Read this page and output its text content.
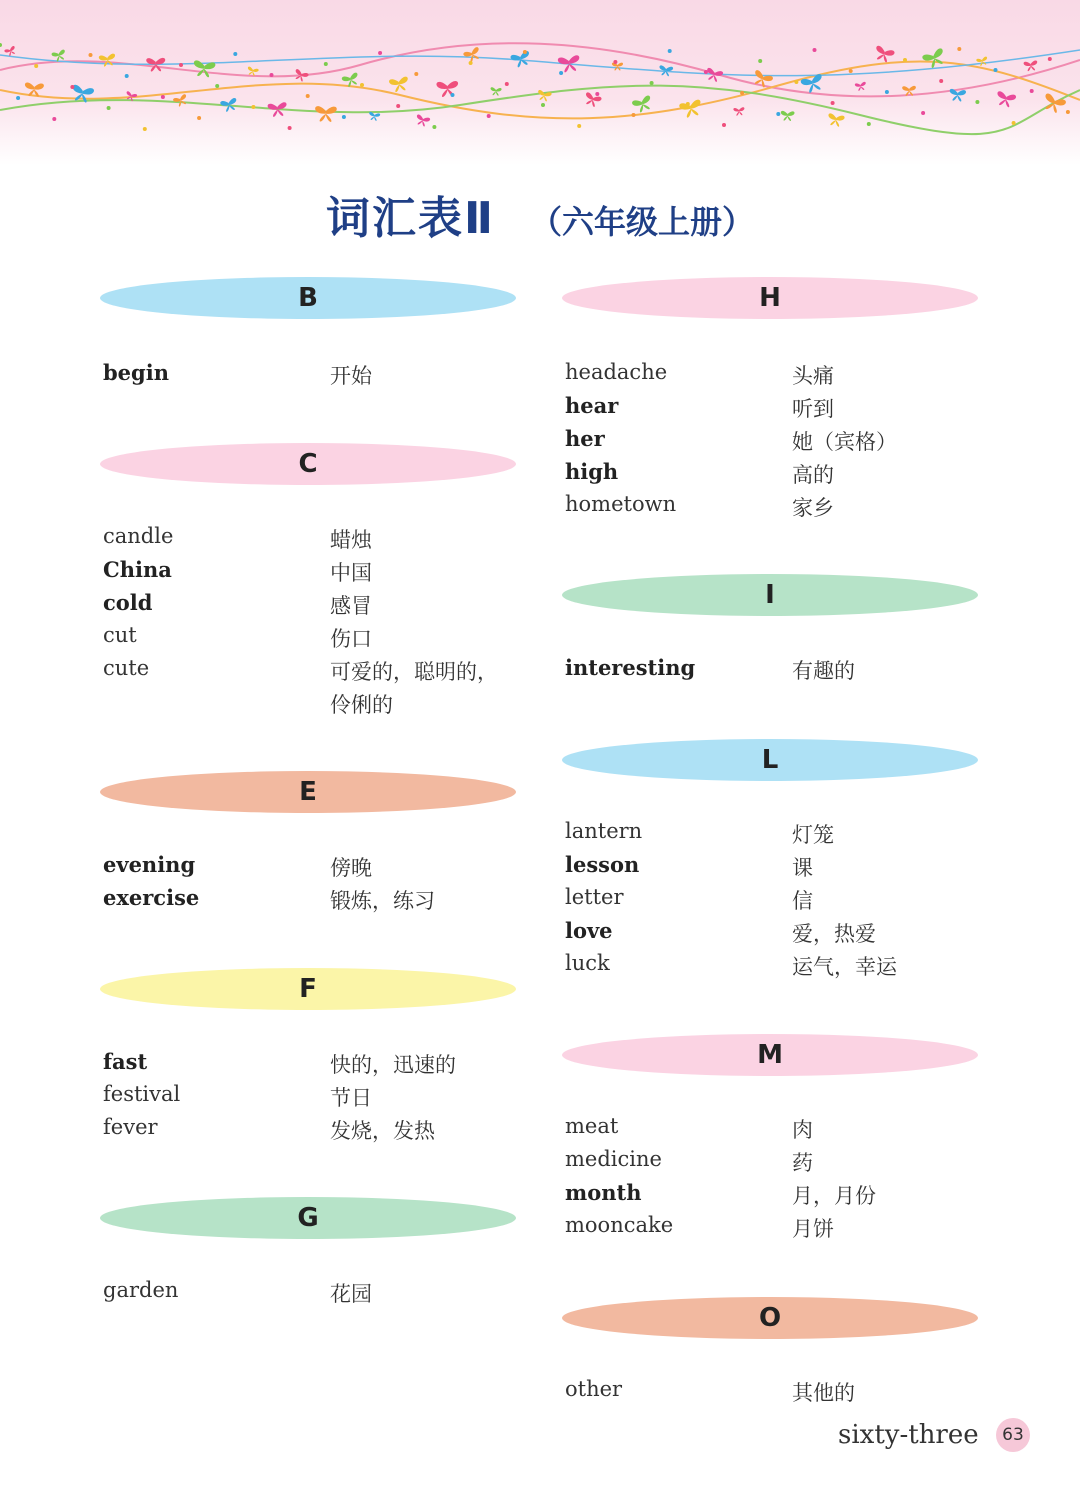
词汇表Ⅱ （六年级上册）
B
begin	开始
C
candle	蜡烛
China	中国
cold	感冒
cut	伤口
cute	可爱的，聪明的，
伶俐的
E
evening	傍晚
exercise	锻炼，练习
F
fast	快的，迅速的
festival	节日
fever	发烧，发热
G
garden	花园
H
headache	头痛
hear	听到
her	她（宾格）
high	高的
hometown	家乡
I
interesting	有趣的
L
lantern	灯笼
lesson	课
letter	信
love	爱，热爱
luck	运气，幸运
M
meat	肉
medicine	药
month	月，月份
mooncake	月饼
O
other	其他的
sixty-three	63
